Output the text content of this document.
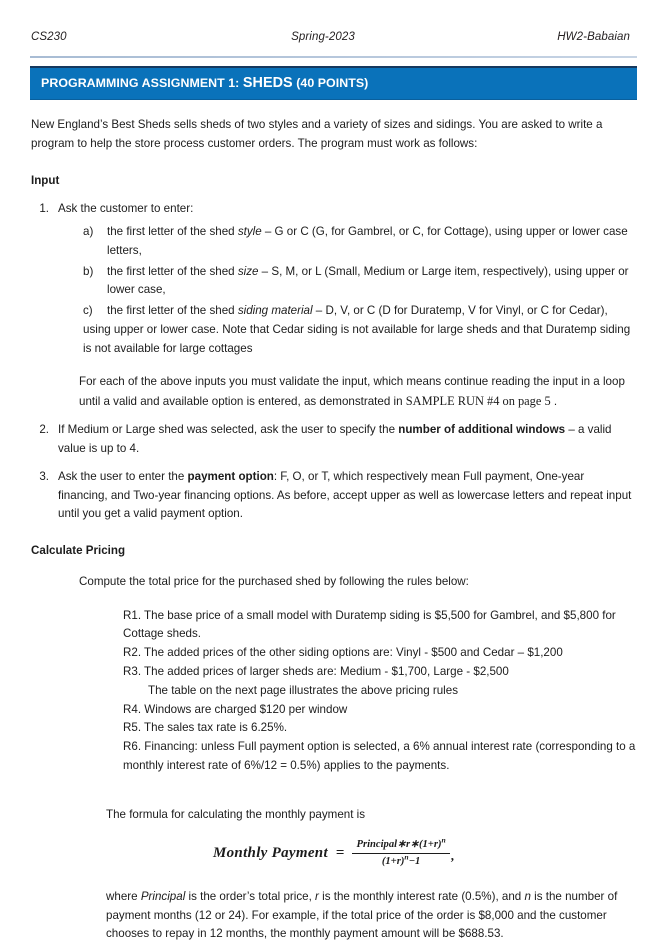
CS230	Spring-2023	HW2-Babaian
PROGRAMMING ASSIGNMENT 1: SHEDS (40 POINTS)

New England’s Best Sheds sells sheds of two styles and a variety of sizes and sidings. You are asked to write a program to help the store process customer orders. The program must work as follows:

Input

1. Ask the customer to enter:

a)	the first letter of the shed style – G or C (G, for Gambrel, or C, for Cottage), using upper or lower case letters,

b)	the first letter of the shed size – S, M, or L (Small, Medium or Large item, respectively), using upper or lower case,

c)	the first letter of the shed siding material – D, V, or C (D for Duratemp, V for Vinyl, or C for Cedar), using upper or lower case. Note that Cedar siding is not available for large sheds and that Duratemp siding is not available for large cottages

For each of the above inputs you must validate the input, which means continue reading the input in a loop until a valid and available option is entered, as demonstrated in SAMPLE RUN #4 on page 5 .

2. If Medium or Large shed was selected, ask the user to specify the number of additional windows – a valid value is up to 4.

3. Ask the user to enter the payment option: F, O, or T, which respectively mean Full payment, One-year financing, and Two-year financing options. As before, accept upper as well as lowercase letters and repeat input until you get a valid payment option.

Calculate Pricing

Compute the total price for the purchased shed by following the rules below:

R1. The base price of a small model with Duratemp siding is $5,500 for Gambrel, and $5,800 for Cottage sheds.

R2. The added prices of the other siding options are: Vinyl - $500 and Cedar – $1,200

R3. The added prices of larger sheds are: Medium - $1,700, Large - $2,500

The table on the next page illustrates the above pricing rules

R4. Windows are charged $120 per window

R5. The sales tax rate is 6.25%.

R6. Financing: unless Full payment option is selected, a 6% annual interest rate (corresponding to a monthly interest rate of 6%/12 = 0.5%) applies to the payments.

The formula for calculating the monthly payment is

Monthly Payment = $\frac{Principal∗r∗(1+r)^n}{(1+r)^n-1}$ ,

where Principal is the order’s total price, r is the monthly interest rate (0.5%), and n is the number of payment months (12 or 24). For example, if the total price of the order is $8,000 and the customer chooses to repay in 12 months, the monthly payment amount will be $688.53.
